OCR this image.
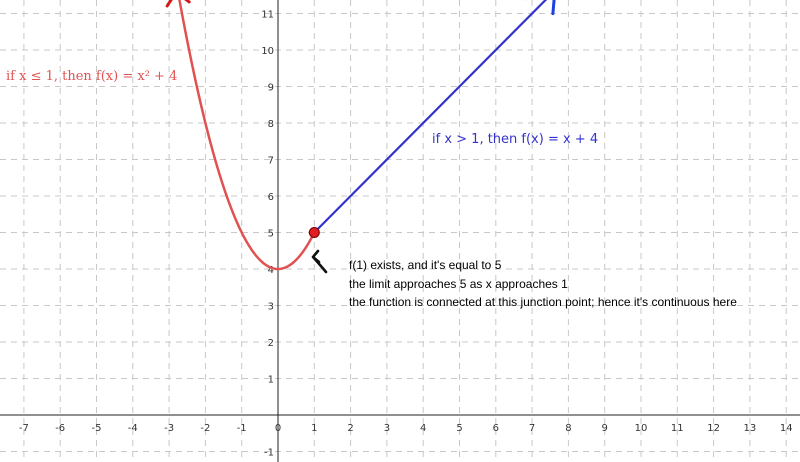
-7	-6	-5	-4	-3	-2	-1	0	1	2	3	4	5	6	7	8	9	10 11 12 13 14
-1
1
2
3
4
5
6
7
8
9
10
11
if x ≤ 1, then f(x) = x² + 4
if x > 1, then f(x) = x + 4
f(1) exists, and it's equal to 5
the limit approaches 5 as x approaches 1
the function is connected at this junction point; hence it's continuous here
